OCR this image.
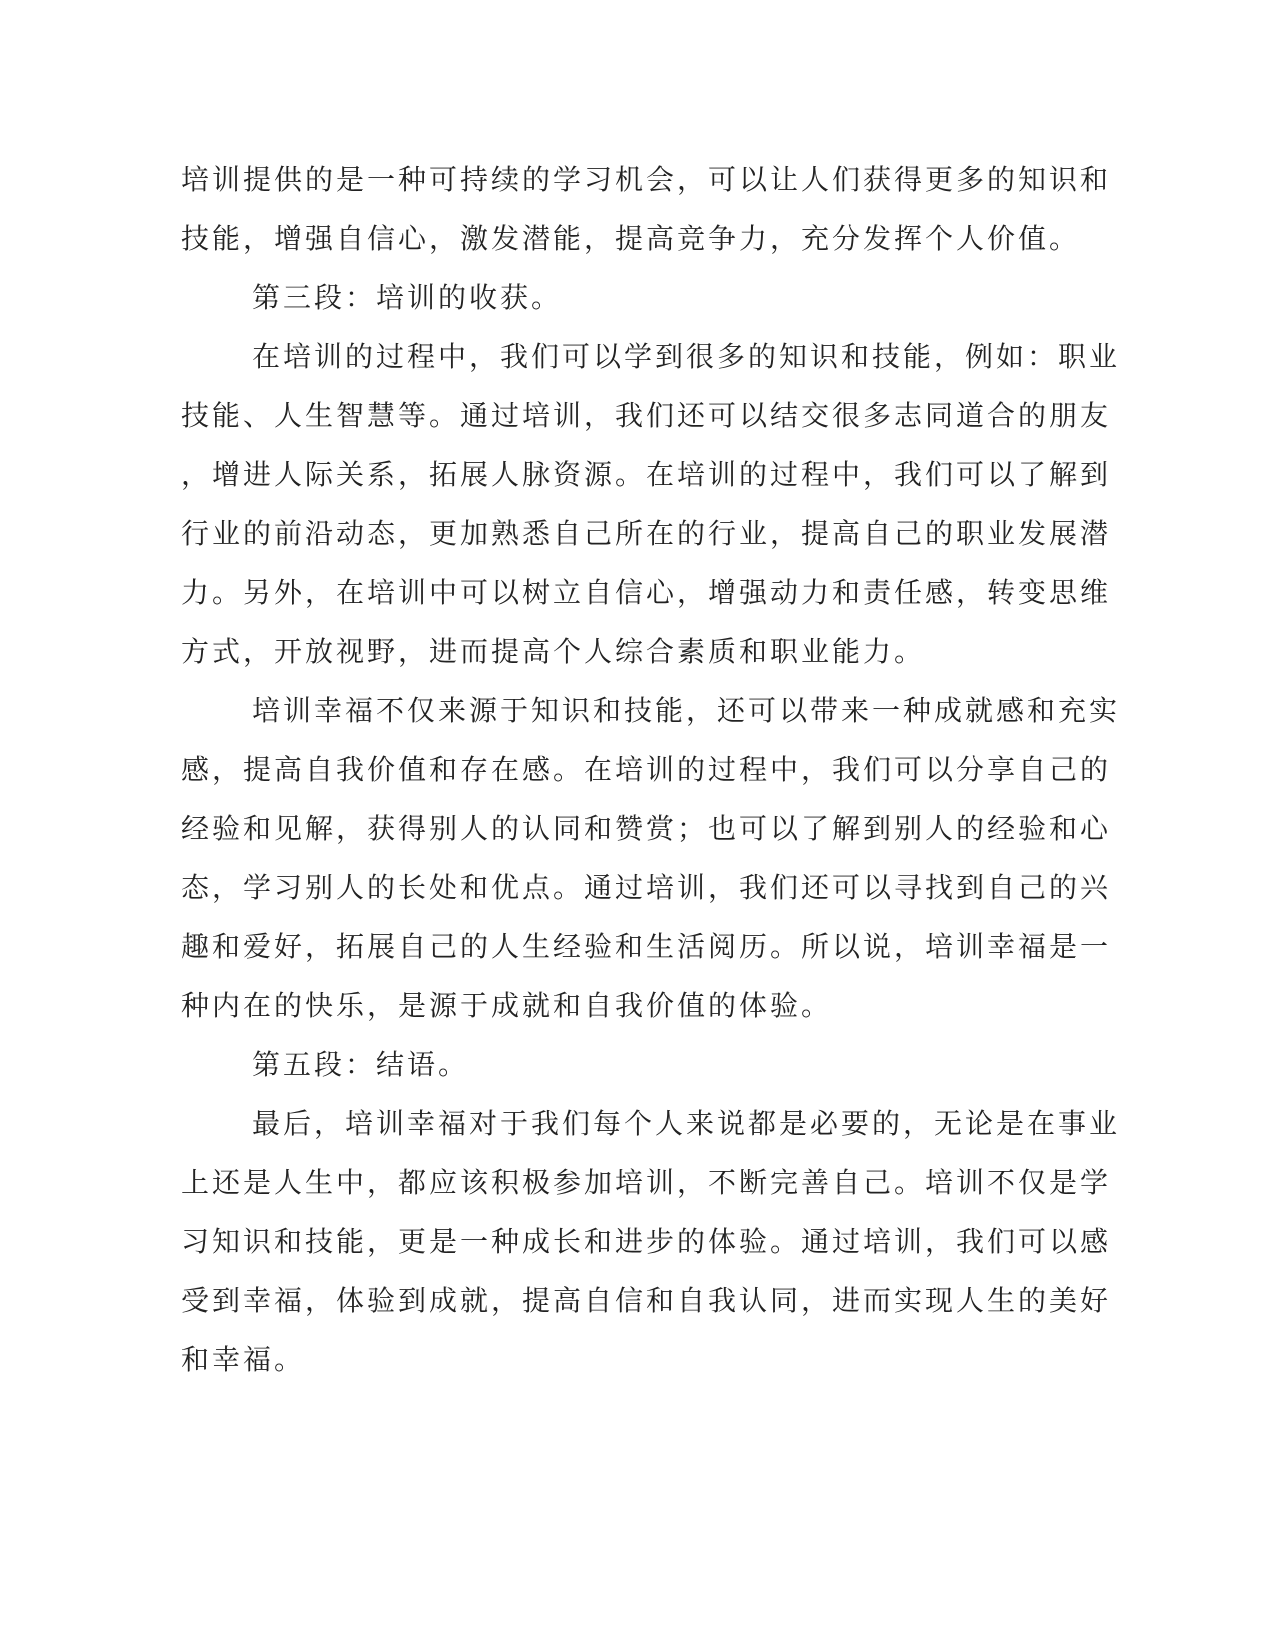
培训提供的是一种可持续的学习机会，可以让人们获得更多的知识和

技能，增强自信心，激发潜能，提高竞争力，充分发挥个人价值。

第三段：培训的收获。

在培训的过程中，我们可以学到很多的知识和技能，例如：职业

技能、人生智慧等。通过培训，我们还可以结交很多志同道合的朋友

，增进人际关系，拓展人脉资源。在培训的过程中，我们可以了解到

行业的前沿动态，更加熟悉自己所在的行业，提高自己的职业发展潜

力。另外，在培训中可以树立自信心，增强动力和责任感，转变思维

方式，开放视野，进而提高个人综合素质和职业能力。

培训幸福不仅来源于知识和技能，还可以带来一种成就感和充实

感，提高自我价值和存在感。在培训的过程中，我们可以分享自己的

经验和见解，获得别人的认同和赞赏；也可以了解到别人的经验和心

态，学习别人的长处和优点。通过培训，我们还可以寻找到自己的兴

趣和爱好，拓展自己的人生经验和生活阅历。所以说，培训幸福是一

种内在的快乐，是源于成就和自我价值的体验。

第五段：结语。

最后，培训幸福对于我们每个人来说都是必要的，无论是在事业

上还是人生中，都应该积极参加培训，不断完善自己。培训不仅是学

习知识和技能，更是一种成长和进步的体验。通过培训，我们可以感

受到幸福，体验到成就，提高自信和自我认同，进而实现人生的美好

和幸福。
